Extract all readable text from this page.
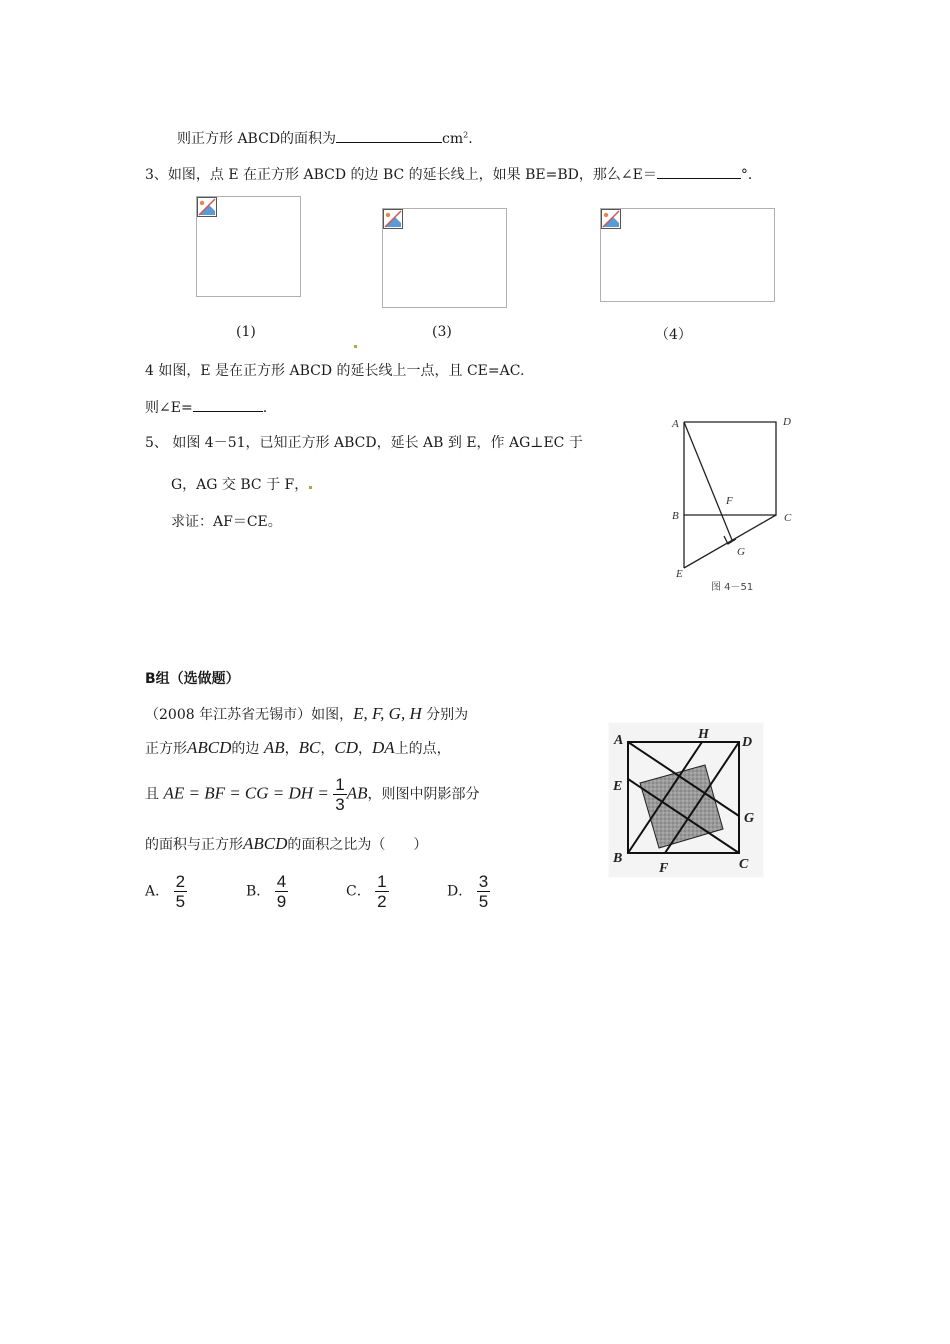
则正方形 ABCD的面积为	$cm^2$.
3、如图，点 E 在正方形 ABCD 的边 BC 的延长线上，如果 BE=BD，那么∠E＝	°．
(1)	(3)	（4）
4 如图，E 是在正方形 ABCD 的延长线上一点，且 CE=AC.
则∠E=	.
5、 如图 4－51，已知正方形 ABCD，延长 AB 到 E，作 AG⊥EC 于
G，AG 交 BC 于 F，
求证：AF＝CE。
A	D
B	C
F
G
E
图 4－51
B组（选做题）
（2008 年江苏省无锡市）如图，E, F, G, H 分别为
正方形ABCD的边 AB，BC，CD，DA上的点，
且 AE = BF = CG = DH = $\frac{1}{3}$ AB，则图中阴影部分
的面积与正方形ABCD的面积之比为（　　）
A． $\frac{2}{5}$	B． $\frac{4}{9}$	C． $\frac{1}{2}$	D． $\frac{3}{5}$
A	H
D
E
G
B
F	C
